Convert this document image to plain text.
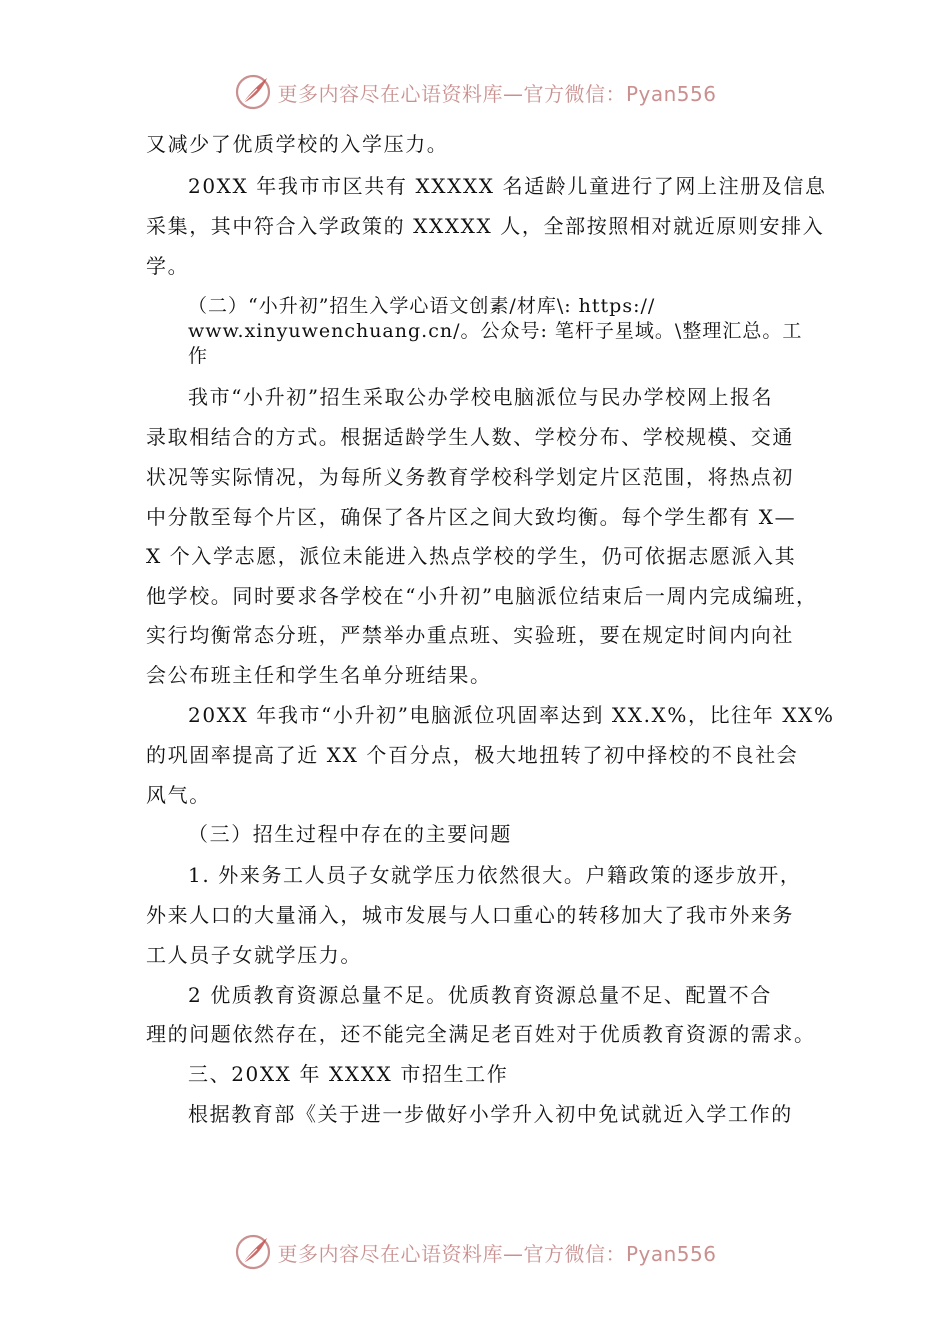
更多内容尽在心语资料库—官方微信：Pyan556
又减少了优质学校的入学压力。
20XX 年我市市区共有 XXXXX 名适龄儿童进行了网上注册及信息
采集，其中符合入学政策的 XXXXX 人，全部按照相对就近原则安排入
学。
（二）“小升初”招生入学心语文创素/材库\: https://
www.xinyuwenchuang.cn/。公众号: 笔杆子星域。\整理汇总。工
作
我市“小升初”招生采取公办学校电脑派位与民办学校网上报名
录取相结合的方式。根据适龄学生人数、学校分布、学校规模、交通
状况等实际情况，为每所义务教育学校科学划定片区范围，将热点初
中分散至每个片区，确保了各片区之间大致均衡。每个学生都有 X—
X 个入学志愿，派位未能进入热点学校的学生，仍可依据志愿派入其
他学校。同时要求各学校在“小升初”电脑派位结束后一周内完成编班，
实行均衡常态分班，严禁举办重点班、实验班，要在规定时间内向社
会公布班主任和学生名单分班结果。
20XX 年我市“小升初”电脑派位巩固率达到 XX.X%，比往年 XX%
的巩固率提高了近 XX 个百分点，极大地扭转了初中择校的不良社会
风气。
（三）招生过程中存在的主要问题
1. 外来务工人员子女就学压力依然很大。户籍政策的逐步放开，
外来人口的大量涌入，城市发展与人口重心的转移加大了我市外来务
工人员子女就学压力。
2 优质教育资源总量不足。优质教育资源总量不足、配置不合
理的问题依然存在，还不能完全满足老百姓对于优质教育资源的需求。
三、20XX 年 XXXX 市招生工作
根据教育部《关于进一步做好小学升入初中免试就近入学工作的
更多内容尽在心语资料库—官方微信：Pyan556
